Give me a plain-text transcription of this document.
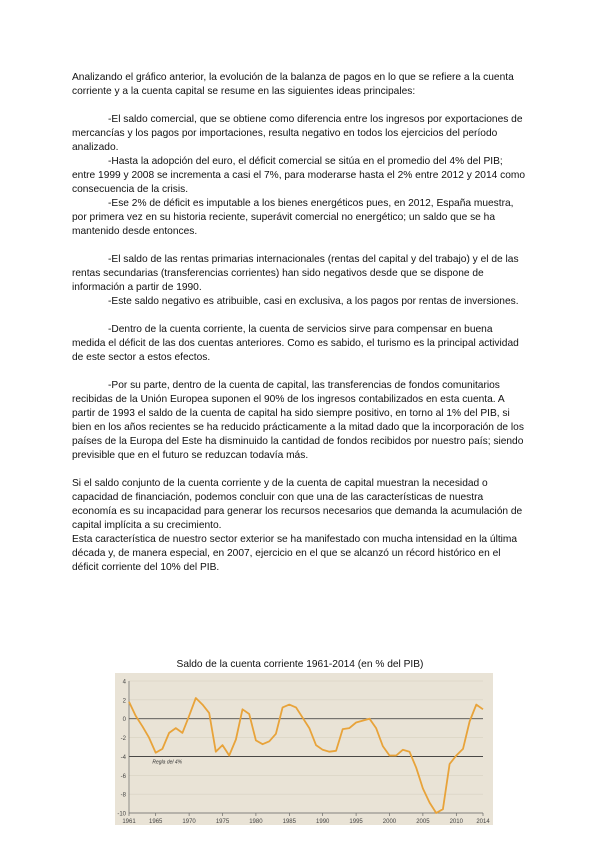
Analizando el gráfico anterior, la evolución de la balanza de pagos en lo que se refiere a la cuenta corriente y a la cuenta capital se resume en las siguientes ideas principales:

-El saldo comercial, que se obtiene como diferencia entre los ingresos por exportaciones de mercancías y los pagos por importaciones, resulta negativo en todos los ejercicios del período analizado.

-Hasta la adopción del euro, el déficit comercial se sitúa en el promedio del 4% del PIB; entre 1999 y 2008 se incrementa a casi el 7%, para moderarse hasta el 2% entre 2012 y 2014 como consecuencia de la crisis.

-Ese 2% de déficit es imputable a los bienes energéticos pues, en 2012, España muestra, por primera vez en su historia reciente, superávit comercial no energético; un saldo que se ha mantenido desde entonces.

-El saldo de las rentas primarias internacionales (rentas del capital y del trabajo) y el de las rentas secundarias (transferencias corrientes) han sido negativos desde que se dispone de información a partir de 1990.

-Este saldo negativo es atribuible, casi en exclusiva, a los pagos por rentas de inversiones.

-Dentro de la cuenta corriente, la cuenta de servicios sirve para compensar en buena medida el déficit de las dos cuentas anteriores. Como es sabido, el turismo es la principal actividad de este sector a estos efectos.

-Por su parte, dentro de la cuenta de capital, las transferencias de fondos comunitarios recibidas de la Unión Europea suponen el 90% de los ingresos contabilizados en esta cuenta. A partir de 1993 el saldo de la cuenta de capital ha sido siempre positivo, en torno al 1% del PIB, si bien en los años recientes se ha reducido prácticamente a la mitad dado que la incorporación de los países de la Europa del Este ha disminuido la cantidad de fondos recibidos por nuestro país; siendo previsible que en el futuro se reduzcan todavía más.

Si el saldo conjunto de la cuenta corriente y de la cuenta de capital muestran la necesidad o capacidad de financiación, podemos concluir con que una de las características de nuestra economía es su incapacidad para generar los recursos necesarios que demanda la acumulación de capital implícita a su crecimiento.

Esta característica de nuestro sector exterior se ha manifestado con mucha intensidad en la última década y, de manera especial, en 2007, ejercicio en el que se alcanzó un récord histórico en el déficit corriente del 10% del PIB.

Saldo de la cuenta corriente 1961-2014 (en % del PIB)
Regla del 4%
4
2
0
-2
-4
-6
-8
-10
1961 1965	1970	1975	1980	1985	1990	1995	2000	2005	2010 2014
